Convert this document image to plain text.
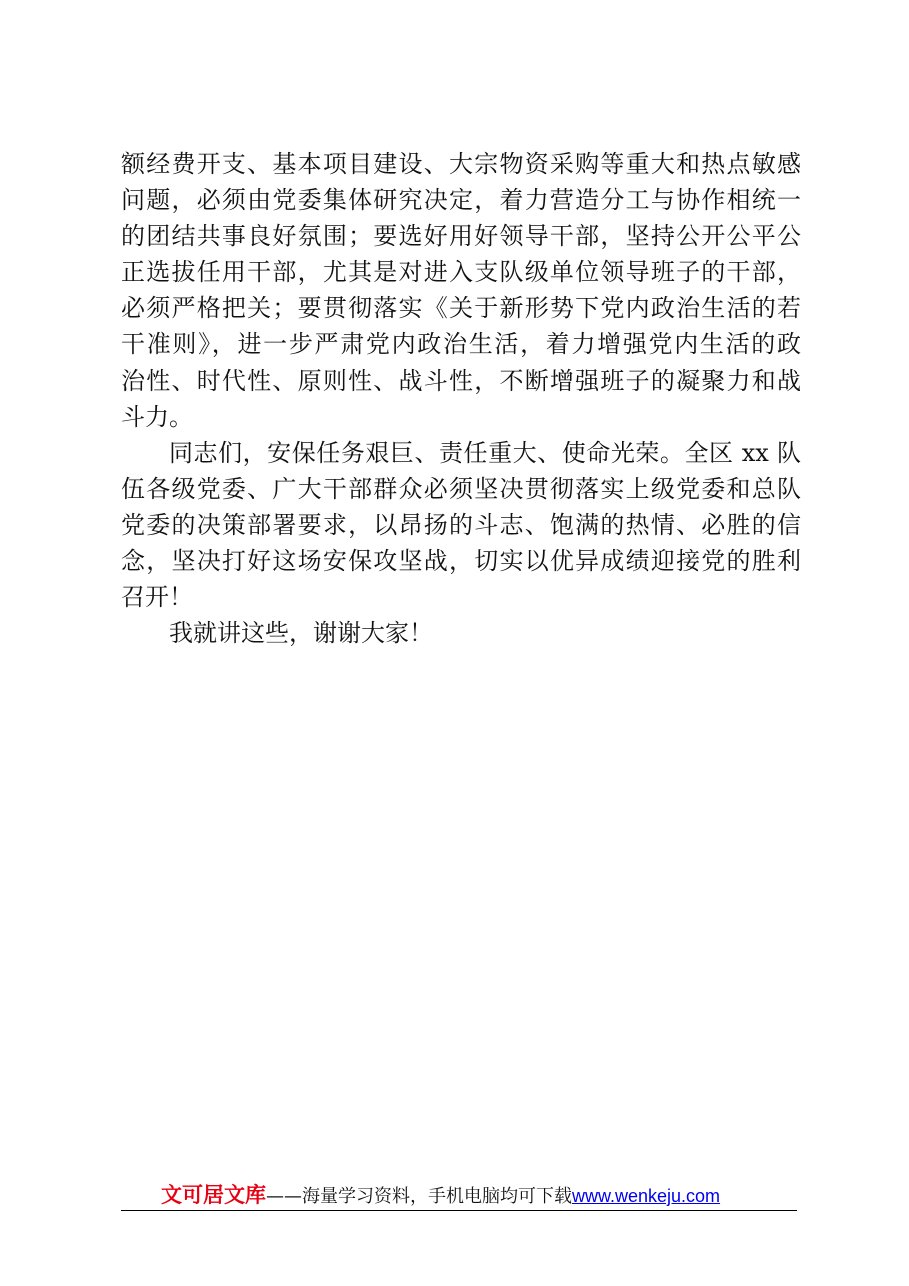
额经费开支、基本项目建设、大宗物资采购等重大和热点敏感
问题，必须由党委集体研究决定，着力营造分工与协作相统一
的团结共事良好氛围；要选好用好领导干部，坚持公开公平公
正选拔任用干部，尤其是对进入支队级单位领导班子的干部，
必须严格把关；要贯彻落实《关于新形势下党内政治生活的若
干准则》，进一步严肃党内政治生活，着力增强党内生活的政
治性、时代性、原则性、战斗性，不断增强班子的凝聚力和战
斗力。
同志们，安保任务艰巨、责任重大、使命光荣。全区 xx 队
伍各级党委、广大干部群众必须坚决贯彻落实上级党委和总队
党委的决策部署要求，以昂扬的斗志、饱满的热情、必胜的信
念，坚决打好这场安保攻坚战，切实以优异成绩迎接党的胜利
召开！
我就讲这些，谢谢大家！
文可居文库——海量学习资料，手机电脑均可下载www.wenkeju.com
